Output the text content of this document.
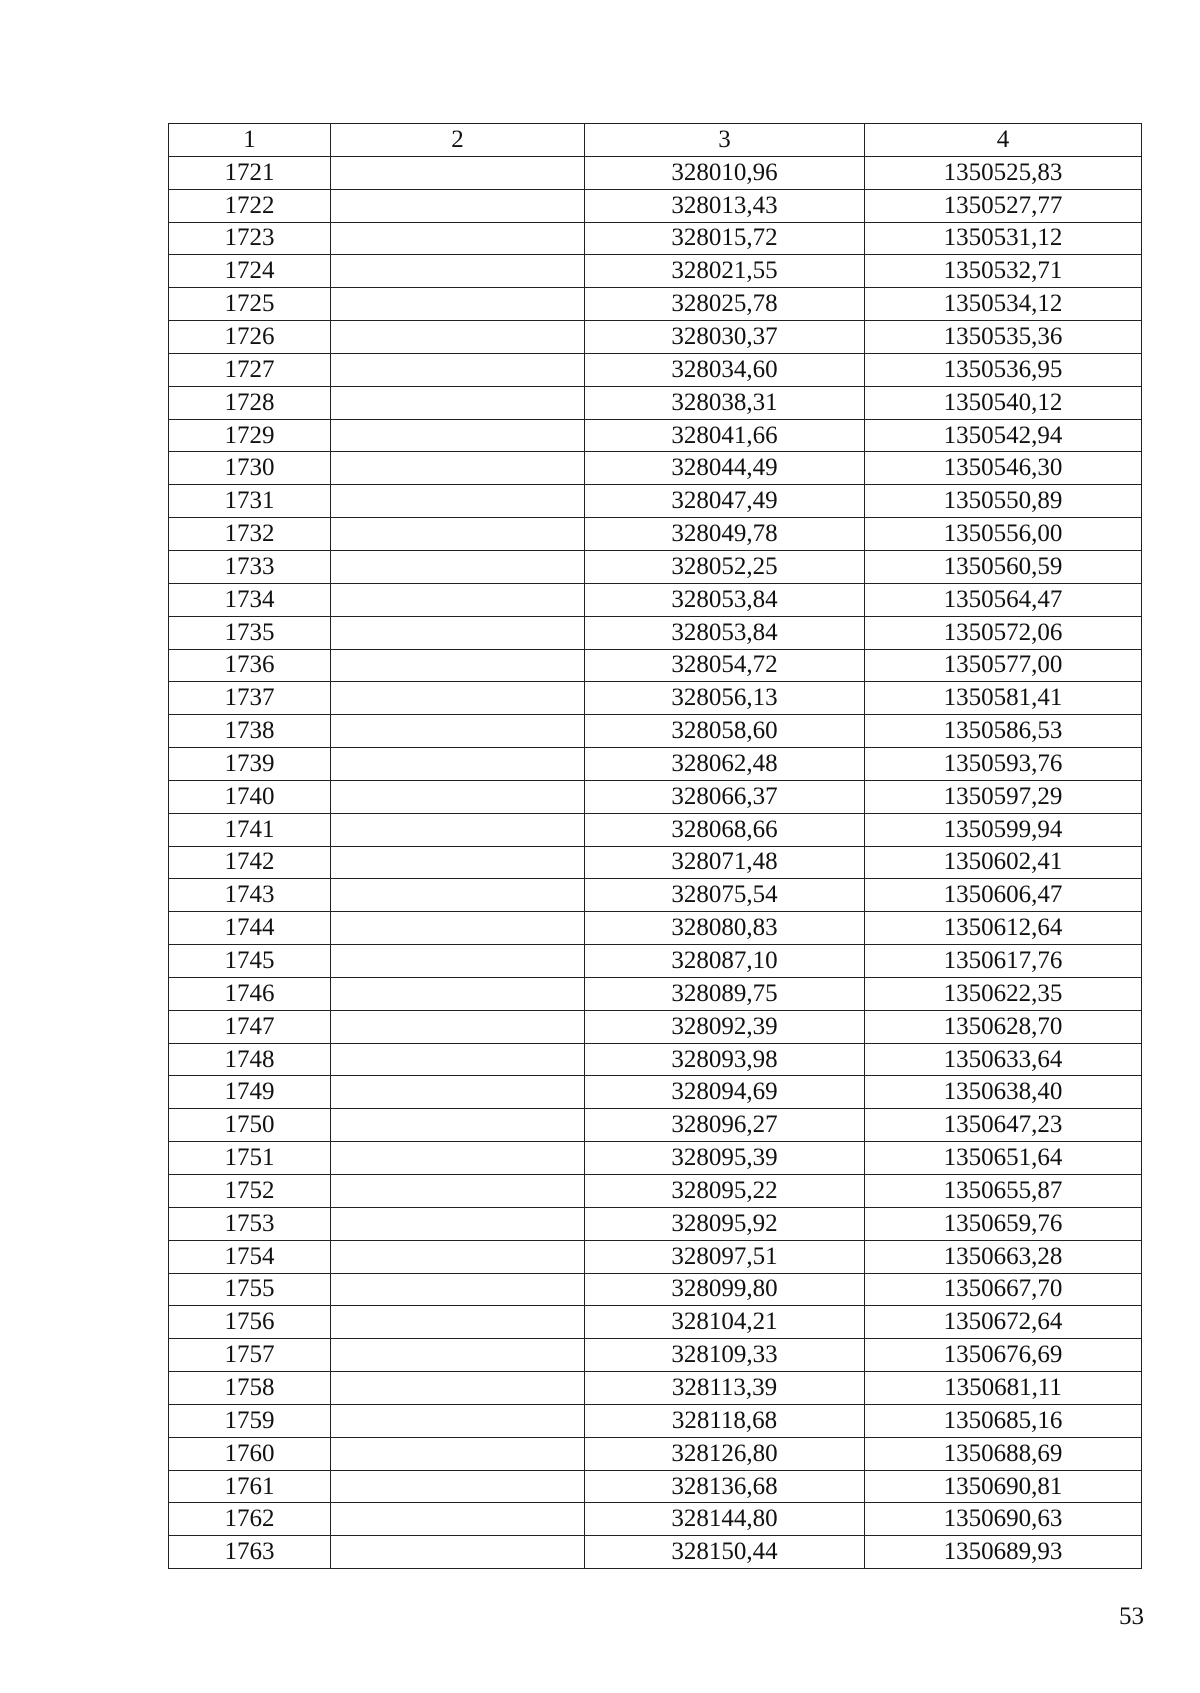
1	2	3	4
1721		328010,96	1350525,83
1722		328013,43	1350527,77
1723		328015,72	1350531,12
1724		328021,55	1350532,71
1725		328025,78	1350534,12
1726		328030,37	1350535,36
1727		328034,60	1350536,95
1728		328038,31	1350540,12
1729		328041,66	1350542,94
1730		328044,49	1350546,30
1731		328047,49	1350550,89
1732		328049,78	1350556,00
1733		328052,25	1350560,59
1734		328053,84	1350564,47
1735		328053,84	1350572,06
1736		328054,72	1350577,00
1737		328056,13	1350581,41
1738		328058,60	1350586,53
1739		328062,48	1350593,76
1740		328066,37	1350597,29
1741		328068,66	1350599,94
1742		328071,48	1350602,41
1743		328075,54	1350606,47
1744		328080,83	1350612,64
1745		328087,10	1350617,76
1746		328089,75	1350622,35
1747		328092,39	1350628,70
1748		328093,98	1350633,64
1749		328094,69	1350638,40
1750		328096,27	1350647,23
1751		328095,39	1350651,64
1752		328095,22	1350655,87
1753		328095,92	1350659,76
1754		328097,51	1350663,28
1755		328099,80	1350667,70
1756		328104,21	1350672,64
1757		328109,33	1350676,69
1758		328113,39	1350681,11
1759		328118,68	1350685,16
1760		328126,80	1350688,69
1761		328136,68	1350690,81
1762		328144,80	1350690,63
1763		328150,44	1350689,93
53
